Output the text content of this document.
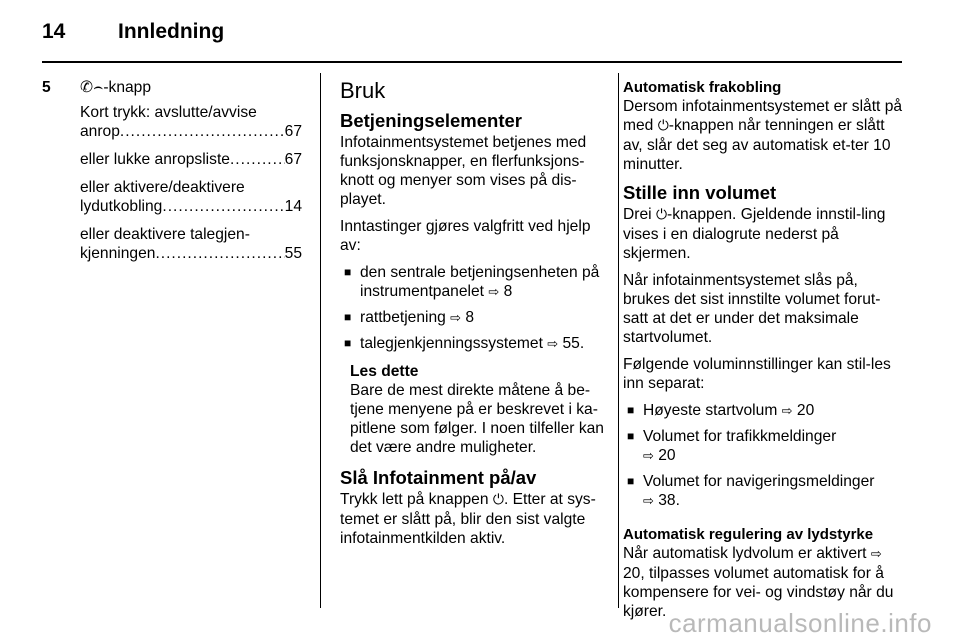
14	Innledning
5 ✆⌢-knapp
Kort trykk: avslutte/avvise
anrop .....	67
eller lukke anropsliste .....	67
eller aktivere/deaktivere
lydutkobling .....	14
eller deaktivere talegjen-
kjenningen .....	55
Bruk
Betjeningselementer

Infotainmentsystemet betjenes med funksjonsknapper, en flerfunksjons-knott og menyer som vises på dis-playet.

Inntastinger gjøres valgfritt ved hjelp av:

■ den sentrale betjeningsenheten på instrumentpanelet ⇨ 8
■ rattbetjening ⇨ 8
■ talegjenkjenningssystemet ⇨ 55.
Les dette
Bare de mest direkte måtene å be-tjene menyene på er beskrevet i ka-pitlene som følger. I noen tilfeller kan det være andre muligheter.
Slå Infotainment på/av

Trykk lett på knappen ⏻. Etter at sys-temet er slått på, blir den sist valgte infotainmentkilden aktiv.

Automatisk frakobling

Dersom infotainmentsystemet er slått på med ⏻-knappen når tenningen er slått av, slår det seg av automatisk et-ter 10 minutter.

Stille inn volumet

Drei ⏻-knappen. Gjeldende innstil-ling vises i en dialogrute nederst på skjermen.

Når infotainmentsystemet slås på, brukes det sist innstilte volumet forut-satt at det er under det maksimale startvolumet.

Følgende voluminnstillinger kan stil-les inn separat:

■ Høyeste startvolum ⇨ 20
■ Volumet for trafikkmeldinger
⇨ 20
■ Volumet for navigeringsmeldinger
⇨ 38.
Automatisk regulering av lydstyrke

Når automatisk lydvolum er aktivert ⇨ 20, tilpasses volumet automatisk for å kompensere for vei- og vindstøy når du kjører. carmanualsonline.info
